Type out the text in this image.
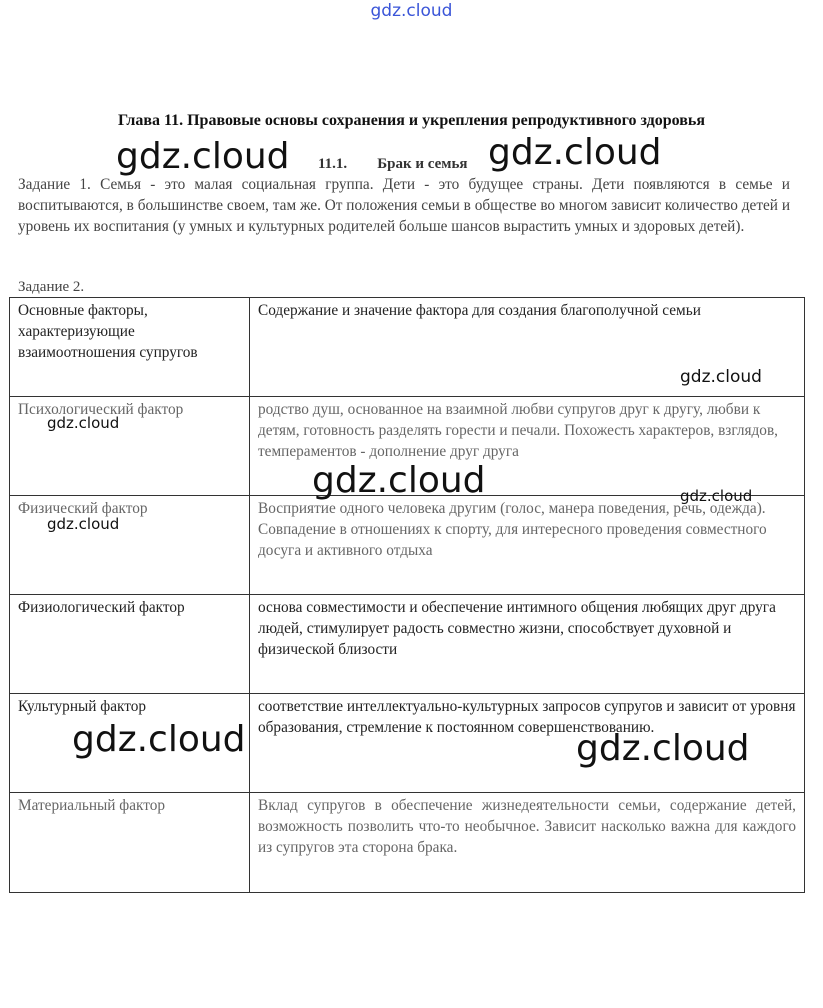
gdz.cloud
Глава 11. Правовые основы сохранения и укрепления репродуктивного здоровья
11.1. Брак и семья
Задание 1. Семья - это малая социальная группа. Дети - это будущее страны. Дети появляются в семье и воспитываются, в большинстве своем, там же. От положения семьи в обществе во многом зависит количество детей и уровень их воспитания (у умных и культурных родителей больше шансов вырастить умных и здоровых детей).
Задание 2.
Основные факторы, характеризующие взаимоотношения супругов	Содержание и значение фактора для создания благополучной семьи
Психологический фактор	родство душ, основанное на взаимной любви супругов друг к другу, любви к детям, готовность разделять горести и печали. Похожесть характеров, взглядов, темпераментов - дополнение друг друга
Физический фактор	Восприятие одного человека другим (голос, манера поведения, речь, одежда). Совпадение в отношениях к спорту, для интересного проведения совместного досуга и активного отдыха
Физиологический фактор	основа совместимости и обеспечение интимного общения любящих друг друга людей, стимулирует радость совместно жизни, способствует духовной и физической близости
Культурный фактор	соответствие интеллектуально-культурных запросов супругов и зависит от уровня образования, стремление к постоянном совершенствованию.
Материальный фактор	Вклад супругов в обеспечение жизнедеятельности семьи, содержание детей, возможность позволить что-то необычное. Зависит насколько важна для каждого из супругов эта сторона брака.
gdz.cloud	gdz.cloud
gdz.cloud
gdz.cloud
gdz.cloud	gdz.cloud
gdz.cloud
gdz.cloud	gdz.cloud
